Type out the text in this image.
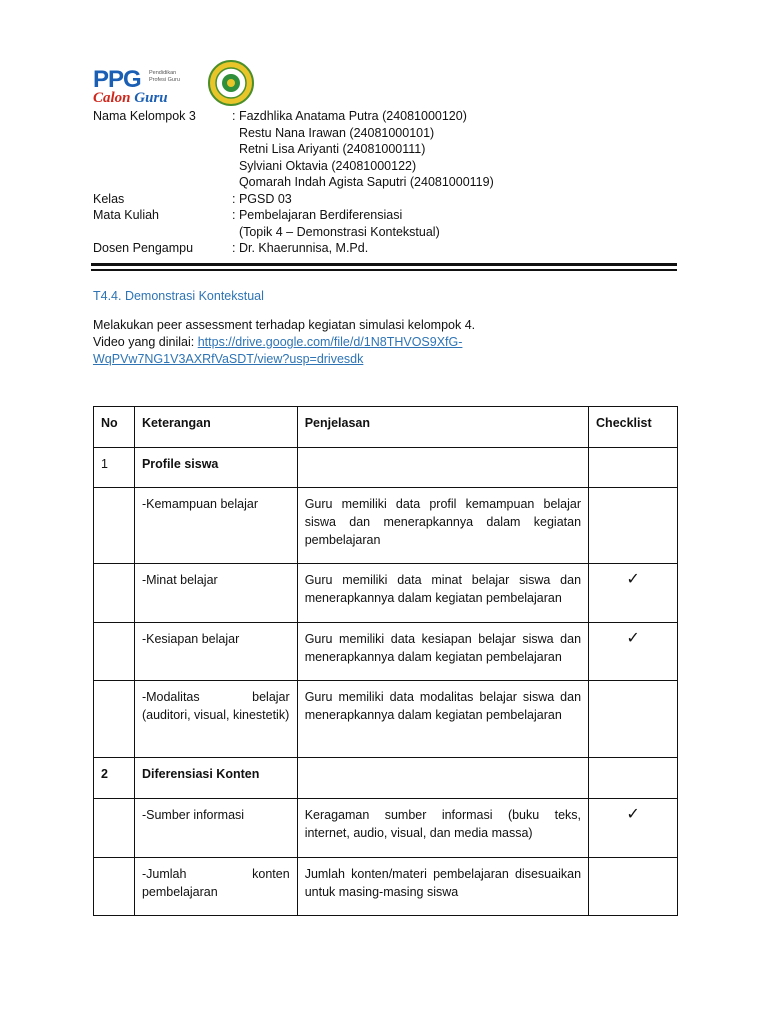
PPG Pendidikan Profesi Guru
Calon Guru
Nama Kelompok 3	: Fazdhlika Anatama Putra (24081000120)
Restu Nana Irawan (24081000101)
Retni Lisa Ariyanti (24081000111)
Sylviani Oktavia (24081000122)
Qomarah Indah Agista Saputri (24081000119)
Kelas	: PGSD 03
Mata Kuliah	: Pembelajaran Berdiferensiasi
(Topik 4 – Demonstrasi Kontekstual)
Dosen Pengampu	: Dr. Khaerunnisa, M.Pd.
T4.4. Demonstrasi Kontekstual
Melakukan peer assessment terhadap kegiatan simulasi kelompok 4.
Video yang dinilai: https://drive.google.com/file/d/1N8THVOS9XfG-
WqPVw7NG1V3AXRfVaSDT/view?usp=drivesdk
No	Keterangan	Penjelasan	Checklist
1	Profile siswa		
	-Kemampuan belajar	Guru memiliki data profil kemampuan belajar siswa dan menerapkannya dalam kegiatan pembelajaran	
	-Minat belajar	Guru memiliki data minat belajar siswa dan menerapkannya dalam kegiatan pembelajaran	✓
	-Kesiapan belajar	Guru memiliki data kesiapan belajar siswa dan menerapkannya dalam kegiatan pembelajaran	✓
	-Modalitas belajar (auditori, visual, kinestetik)	Guru memiliki data modalitas belajar siswa dan menerapkannya dalam kegiatan pembelajaran	
2	Diferensiasi Konten		
	-Sumber informasi	Keragaman sumber informasi (buku teks, internet, audio, visual, dan media massa)	✓
	-Jumlah konten pembelajaran	Jumlah konten/materi pembelajaran disesuaikan untuk masing-masing siswa	
